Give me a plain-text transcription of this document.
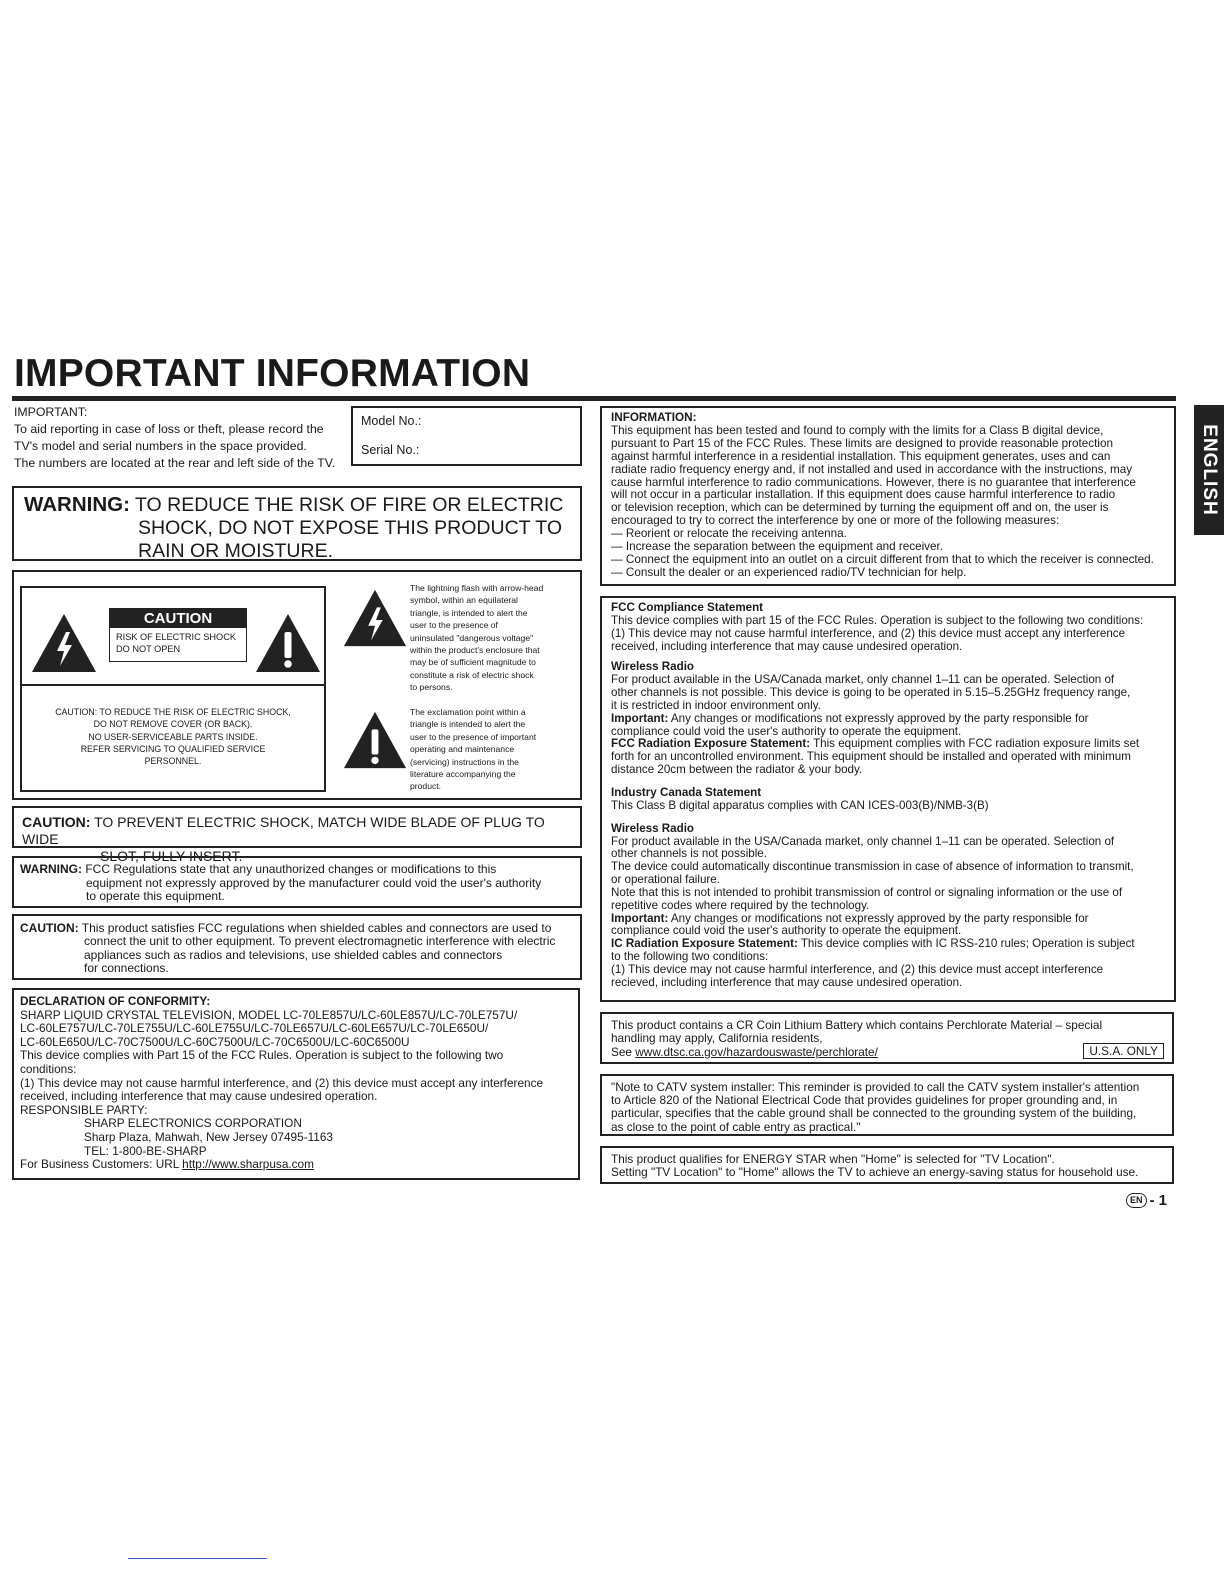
IMPORTANT INFORMATION
ENGLISH
IMPORTANT:
To aid reporting in case of loss or theft, please record the
TV's model and serial numbers in the space provided.
The numbers are located at the rear and left side of the TV.
Model No.:
Serial No.:
WARNING: TO REDUCE THE RISK OF FIRE OR ELECTRIC
SHOCK, DO NOT EXPOSE THIS PRODUCT TO
RAIN OR MOISTURE.
CAUTION
RISK OF ELECTRIC SHOCK
DO NOT OPEN
CAUTION: TO REDUCE THE RISK OF ELECTRIC SHOCK,
DO NOT REMOVE COVER (OR BACK).
NO USER-SERVICEABLE PARTS INSIDE.
REFER SERVICING TO QUALIFIED SERVICE
PERSONNEL.
The lightning flash with arrow-head
symbol, within an equilateral
triangle, is intended to alert the
user to the presence of
uninsulated "dangerous voltage"
within the product's enclosure that
may be of sufficient magnitude to
constitute a risk of electric shock
to persons.
The exclamation point within a
triangle is intended to alert the
user to the presence of important
operating and maintenance
(servicing) instructions in the
literature accompanying the
product.
CAUTION: TO PREVENT ELECTRIC SHOCK, MATCH WIDE BLADE OF PLUG TO WIDE
SLOT, FULLY INSERT.
WARNING: FCC Regulations state that any unauthorized changes or modifications to this
equipment not expressly approved by the manufacturer could void the user's authority
to operate this equipment.
CAUTION: This product satisfies FCC regulations when shielded cables and connectors are used to
connect the unit to other equipment. To prevent electromagnetic interference with electric
appliances such as radios and televisions, use shielded cables and connectors
for connections.
DECLARATION OF CONFORMITY:
SHARP LIQUID CRYSTAL TELEVISION, MODEL LC-70LE857U/LC-60LE857U/LC-70LE757U/
LC-60LE757U/LC-70LE755U/LC-60LE755U/LC-70LE657U/LC-60LE657U/LC-70LE650U/
LC-60LE650U/LC-70C7500U/LC-60C7500U/LC-70C6500U/LC-60C6500U
This device complies with Part 15 of the FCC Rules. Operation is subject to the following two
conditions:
(1) This device may not cause harmful interference, and (2) this device must accept any interference
received, including interference that may cause undesired operation.
RESPONSIBLE PARTY:
SHARP ELECTRONICS CORPORATION
Sharp Plaza, Mahwah, New Jersey 07495-1163
TEL: 1-800-BE-SHARP
For Business Customers: URL http://www.sharpusa.com
INFORMATION:
This equipment has been tested and found to comply with the limits for a Class B digital device,
pursuant to Part 15 of the FCC Rules. These limits are designed to provide reasonable protection
against harmful interference in a residential installation. This equipment generates, uses and can
radiate radio frequency energy and, if not installed and used in accordance with the instructions, may
cause harmful interference to radio communications. However, there is no guarantee that interference
will not occur in a particular installation. If this equipment does cause harmful interference to radio
or television reception, which can be determined by turning the equipment off and on, the user is
encouraged to try to correct the interference by one or more of the following measures:
— Reorient or relocate the receiving antenna.
— Increase the separation between the equipment and receiver.
— Connect the equipment into an outlet on a circuit different from that to which the receiver is connected.
— Consult the dealer or an experienced radio/TV technician for help.
FCC Compliance Statement
This device complies with part 15 of the FCC Rules. Operation is subject to the following two conditions:
(1) This device may not cause harmful interference, and (2) this device must accept any interference
received, including interference that may cause undesired operation.
Wireless Radio
For product available in the USA/Canada market, only channel 1–11 can be operated. Selection of
other channels is not possible. This device is going to be operated in 5.15–5.25GHz frequency range,
it is restricted in indoor environment only.
Important: Any changes or modifications not expressly approved by the party responsible for
compliance could void the user's authority to operate the equipment.
FCC Radiation Exposure Statement: This equipment complies with FCC radiation exposure limits set
forth for an uncontrolled environment. This equipment should be installed and operated with minimum
distance 20cm between the radiator & your body.
Industry Canada Statement
This Class B digital apparatus complies with CAN ICES-003(B)/NMB-3(B)
Wireless Radio
For product available in the USA/Canada market, only channel 1–11 can be operated. Selection of
other channels is not possible.
The device could automatically discontinue transmission in case of absence of information to transmit,
or operational failure.
Note that this is not intended to prohibit transmission of control or signaling information or the use of
repetitive codes where required by the technology.
Important: Any changes or modifications not expressly approved by the party responsible for
compliance could void the user's authority to operate the equipment.
IC Radiation Exposure Statement: This device complies with IC RSS-210 rules; Operation is subject
to the following two conditions:
(1) This device may not cause harmful interference, and (2) this device must accept interference
recieved, including interference that may cause undesired operation.
This product contains a CR Coin Lithium Battery which contains Perchlorate Material – special
handling may apply, California residents,
See www.dtsc.ca.gov/hazardouswaste/perchlorate/	U.S.A. ONLY
"Note to CATV system installer: This reminder is provided to call the CATV system installer's attention
to Article 820 of the National Electrical Code that provides guidelines for proper grounding and, in
particular, specifies that the cable ground shall be connected to the grounding system of the building,
as close to the point of cable entry as practical."
This product qualifies for ENERGY STAR when "Home" is selected for "TV Location".
Setting "TV Location" to "Home" allows the TV to achieve an energy-saving status for household use.
EN - 1
